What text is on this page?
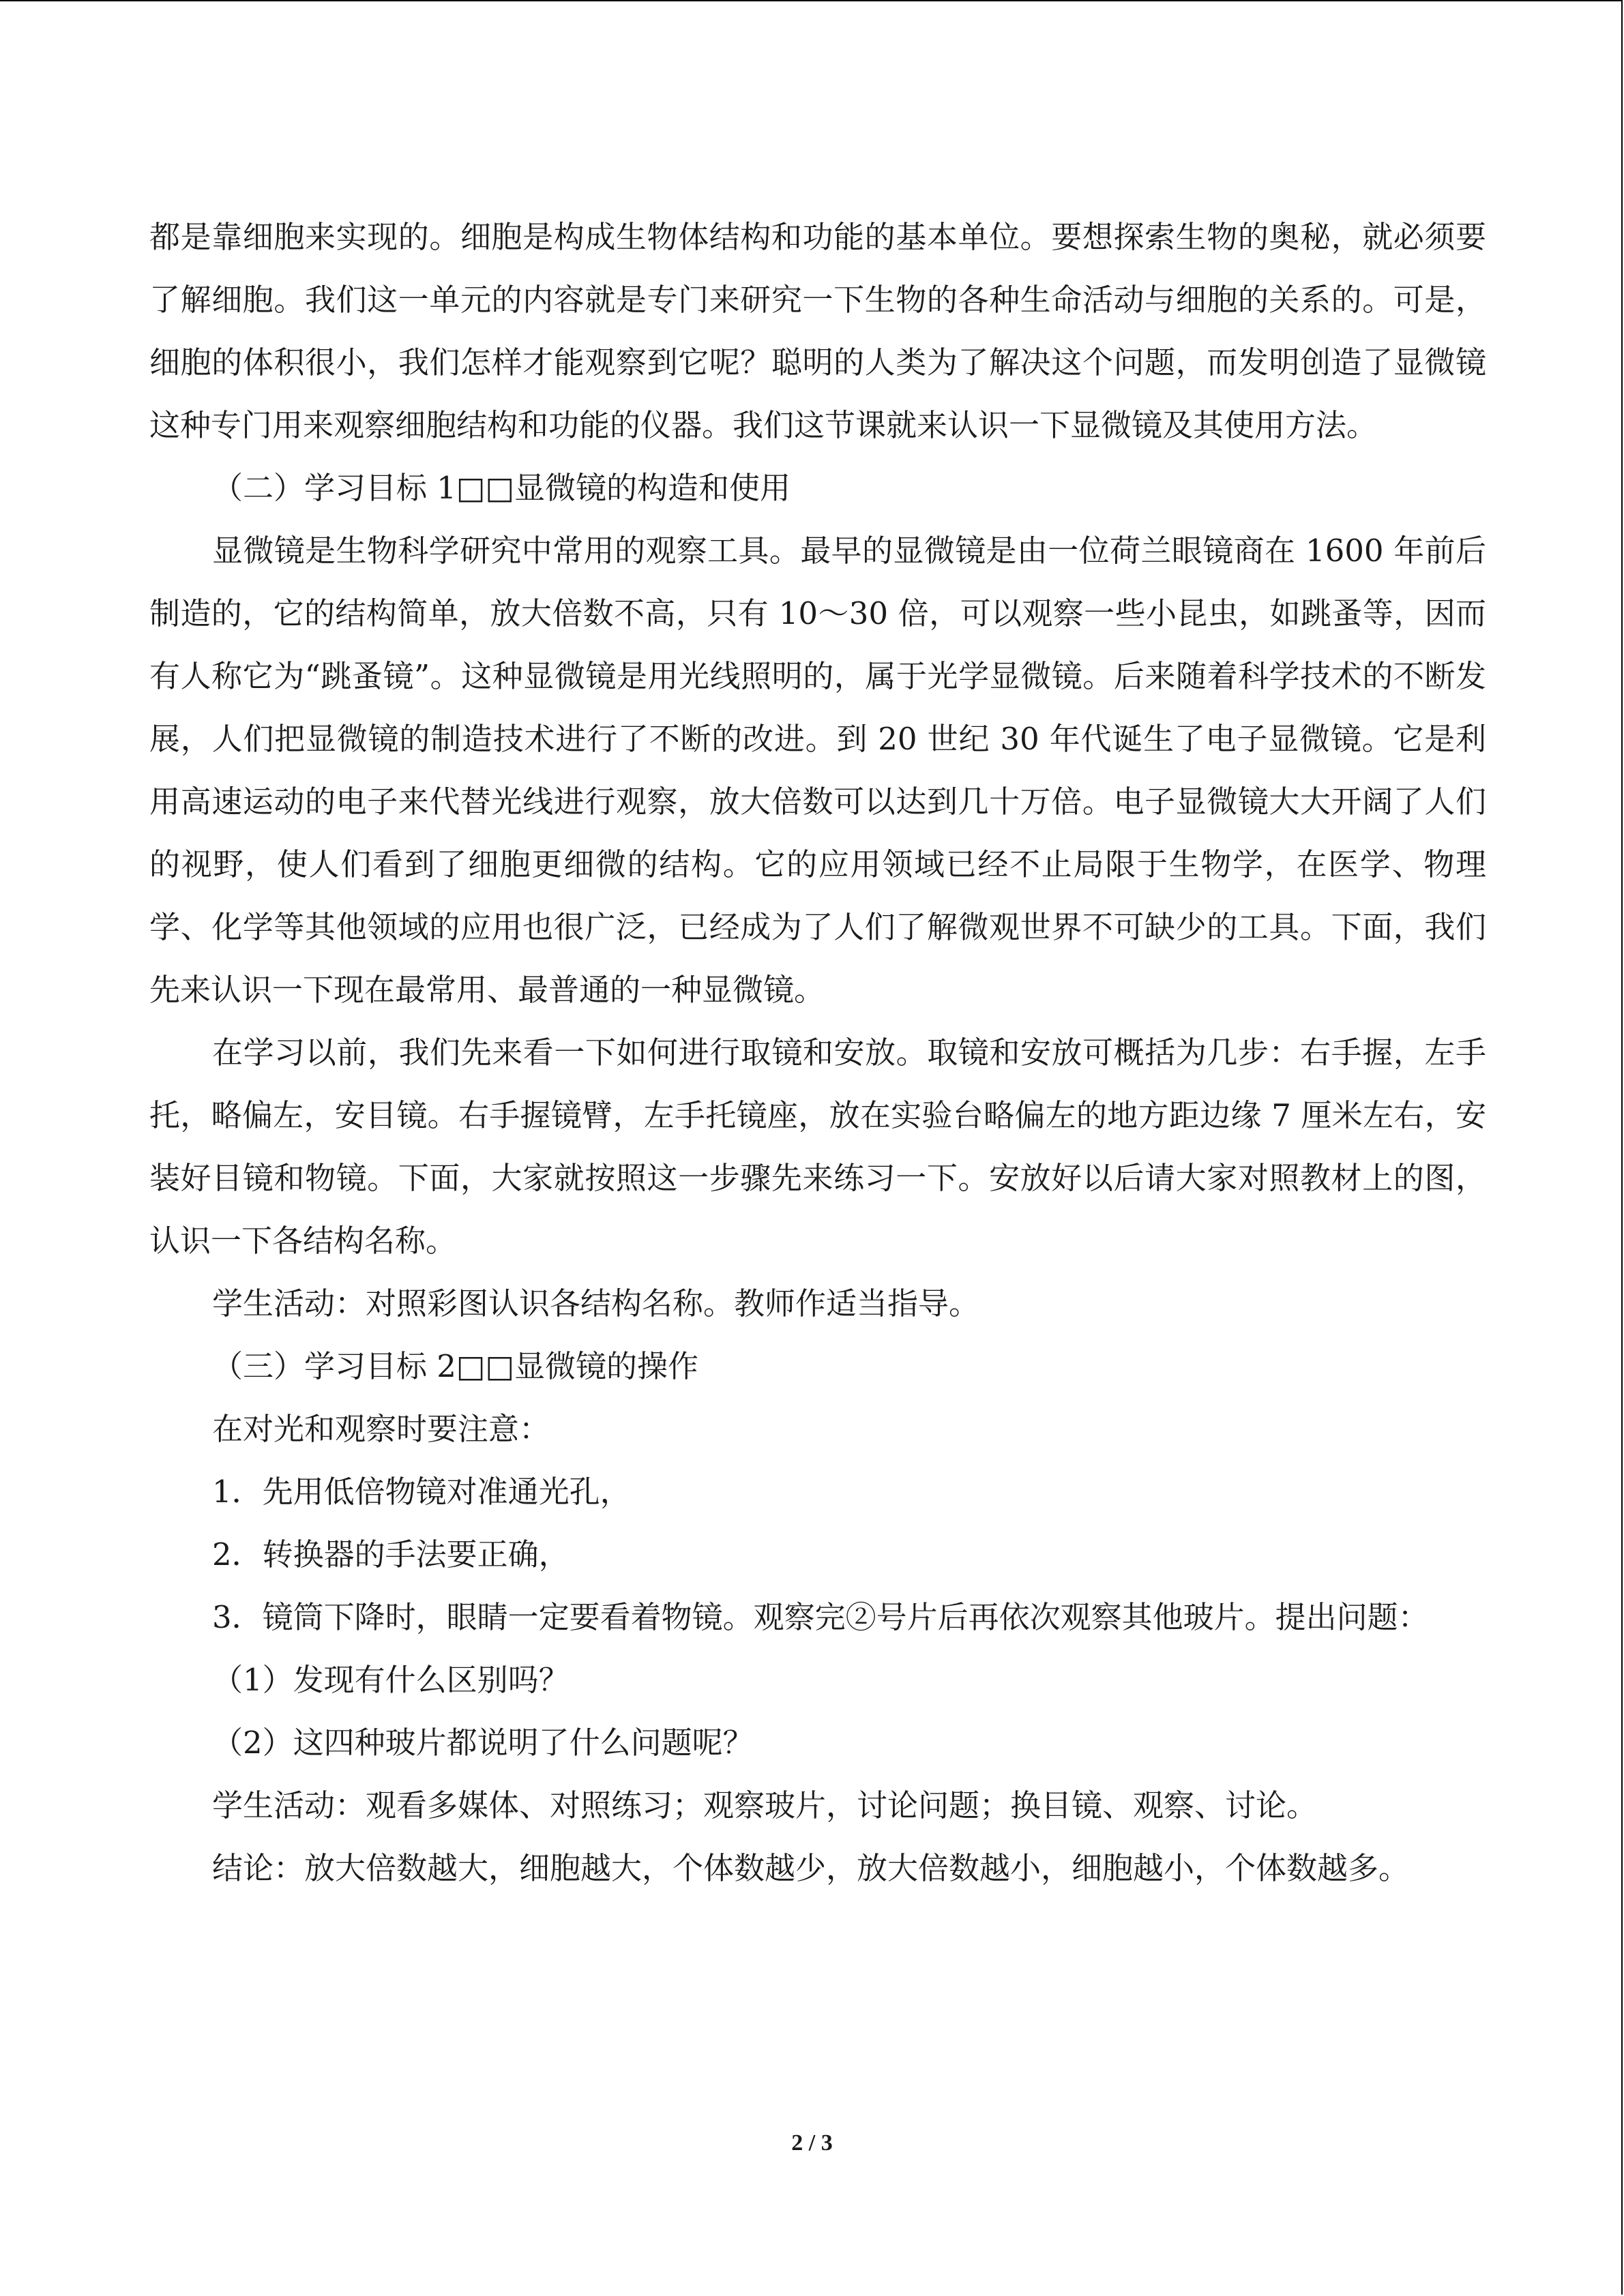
都是靠细胞来实现的。细胞是构成生物体结构和功能的基本单位。要想探索生物的奥秘，就必须要了解细胞。我们这一单元的内容就是专门来研究一下生物的各种生命活动与细胞的关系的。可是，细胞的体积很小，我们怎样才能观察到它呢？聪明的人类为了解决这个问题，而发明创造了显微镜这种专门用来观察细胞结构和功能的仪器。我们这节课就来认识一下显微镜及其使用方法。

（二）学习目标 1□□显微镜的构造和使用

显微镜是生物科学研究中常用的观察工具。最早的显微镜是由一位荷兰眼镜商在 1600 年前后制造的，它的结构简单，放大倍数不高，只有 10～30 倍，可以观察一些小昆虫，如跳蚤等，因而有人称它为“跳蚤镜”。这种显微镜是用光线照明的，属于光学显微镜。后来随着科学技术的不断发展，人们把显微镜的制造技术进行了不断的改进。到 20 世纪 30 年代诞生了电子显微镜。它是利用高速运动的电子来代替光线进行观察，放大倍数可以达到几十万倍。电子显微镜大大开阔了人们的视野，使人们看到了细胞更细微的结构。它的应用领域已经不止局限于生物学，在医学、物理学、化学等其他领域的应用也很广泛，已经成为了人们了解微观世界不可缺少的工具。下面，我们先来认识一下现在最常用、最普通的一种显微镜。

在学习以前，我们先来看一下如何进行取镜和安放。取镜和安放可概括为几步：右手握，左手托，略偏左，安目镜。右手握镜臂，左手托镜座，放在实验台略偏左的地方距边缘 7 厘米左右，安装好目镜和物镜。下面，大家就按照这一步骤先来练习一下。安放好以后请大家对照教材上的图，认识一下各结构名称。

学生活动：对照彩图认识各结构名称。教师作适当指导。

（三）学习目标 2□□显微镜的操作

在对光和观察时要注意：

1．先用低倍物镜对准通光孔，

2．转换器的手法要正确，

3．镜筒下降时，眼睛一定要看着物镜。观察完②号片后再依次观察其他玻片。提出问题：

（1）发现有什么区别吗？

（2）这四种玻片都说明了什么问题呢？

学生活动：观看多媒体、对照练习；观察玻片，讨论问题；换目镜、观察、讨论。

结论：放大倍数越大，细胞越大，个体数越少，放大倍数越小，细胞越小，个体数越多。

2 / 3
